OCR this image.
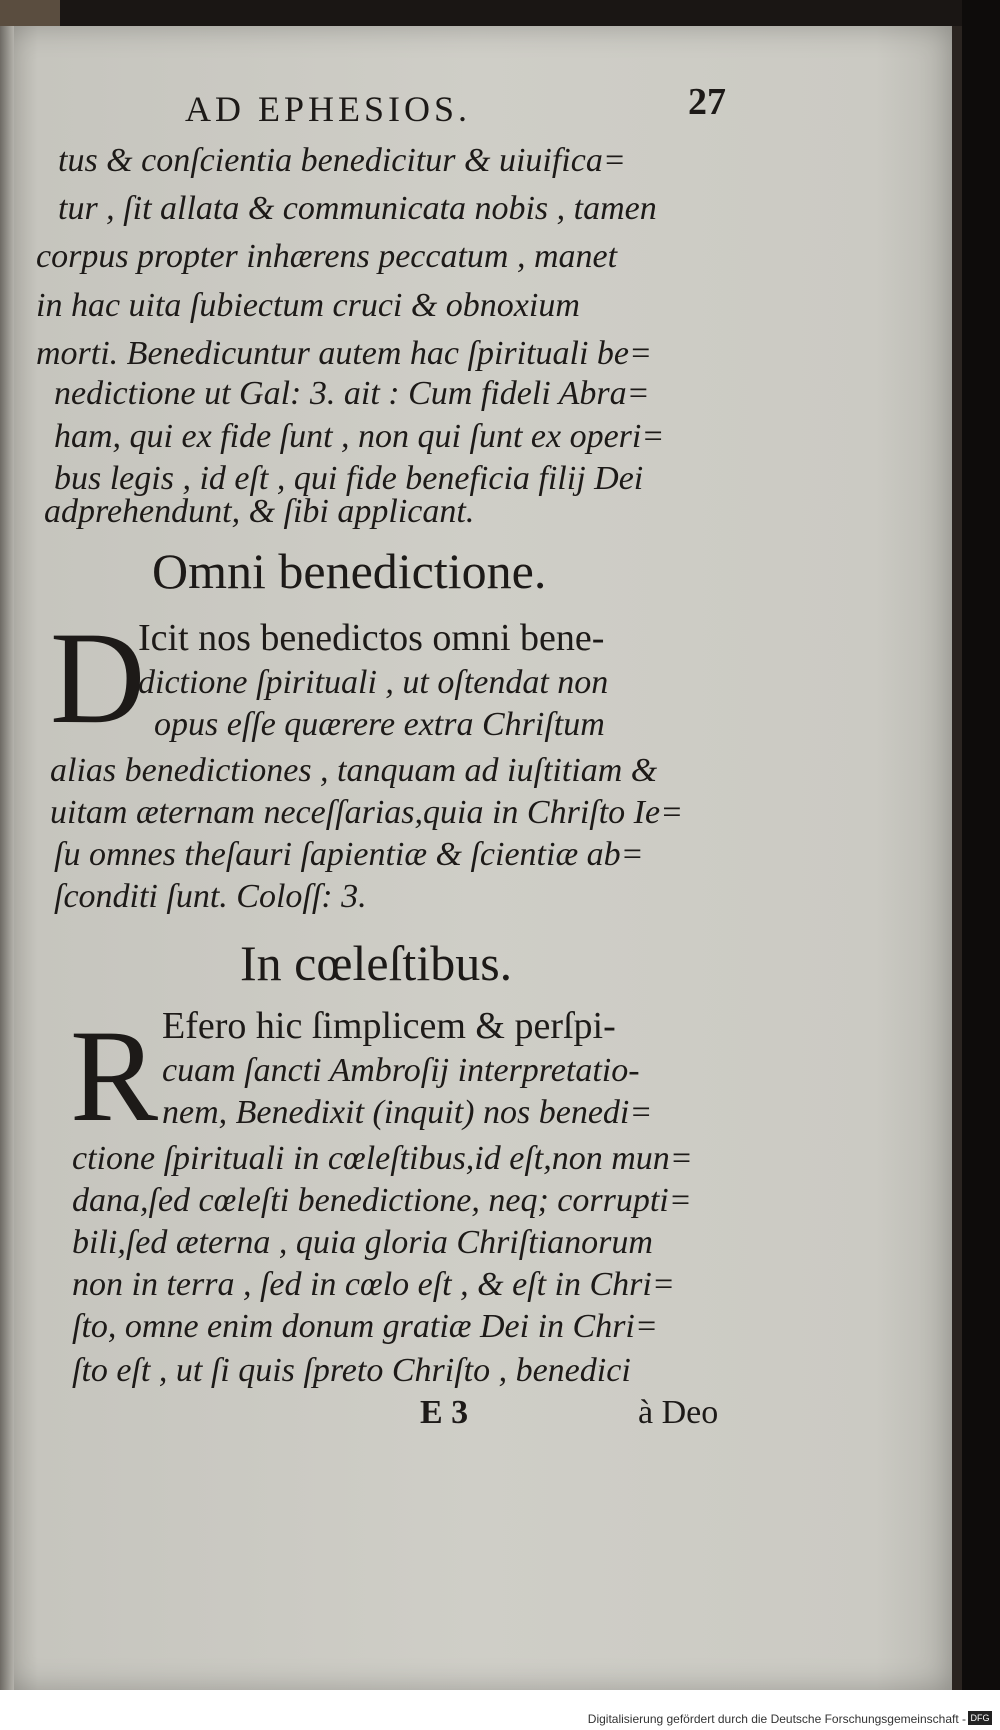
AD EPHESIOS.	27
tus & conſcientia benedicitur & uiuifica=
tur , ſit allata & communicata nobis , tamen
corpus propter inhærens peccatum , manet
in hac uita ſubiectum cruci & obnoxium
morti. Benedicuntur autem hac ſpirituali be=
nedictione ut Gal: 3. ait : Cum fideli Abra=
ham, qui ex fide ſunt , non qui ſunt ex operi=
bus legis , id eſt , qui fide beneficia filij Dei
adprehendunt, & ſibi applicant.
Omni benedictione.
D
Icit nos benedictos omni bene-
dictione ſpirituali , ut oſtendat non
opus eſſe quærere extra Chriſtum
alias benedictiones , tanquam ad iuſtitiam &
uitam æternam neceſſarias,quia in Chriſto Ie=
ſu omnes theſauri ſapientiæ & ſcientiæ ab=
ſconditi ſunt. Coloſſ: 3.
In cœleſtibus.
R Efero hic ſimplicem & perſpi-
cuam ſancti Ambroſij interpretatio-
nem, Benedixit (inquit) nos benedi=
ctione ſpirituali in cœleſtibus,id eſt,non mun=
dana,ſed cœleſti benedictione, neq; corrupti=
bili,ſed æterna , quia gloria Chriſtianorum
non in terra , ſed in cœlo eſt , & eſt in Chri=
ſto, omne enim donum gratiæ Dei in Chri=
ſto eſt , ut ſi quis ſpreto Chriſto , benedici
E 3	à Deo
Digitalisierung gefördert durch die Deutsche Forschungsgemeinschaft - DFG
